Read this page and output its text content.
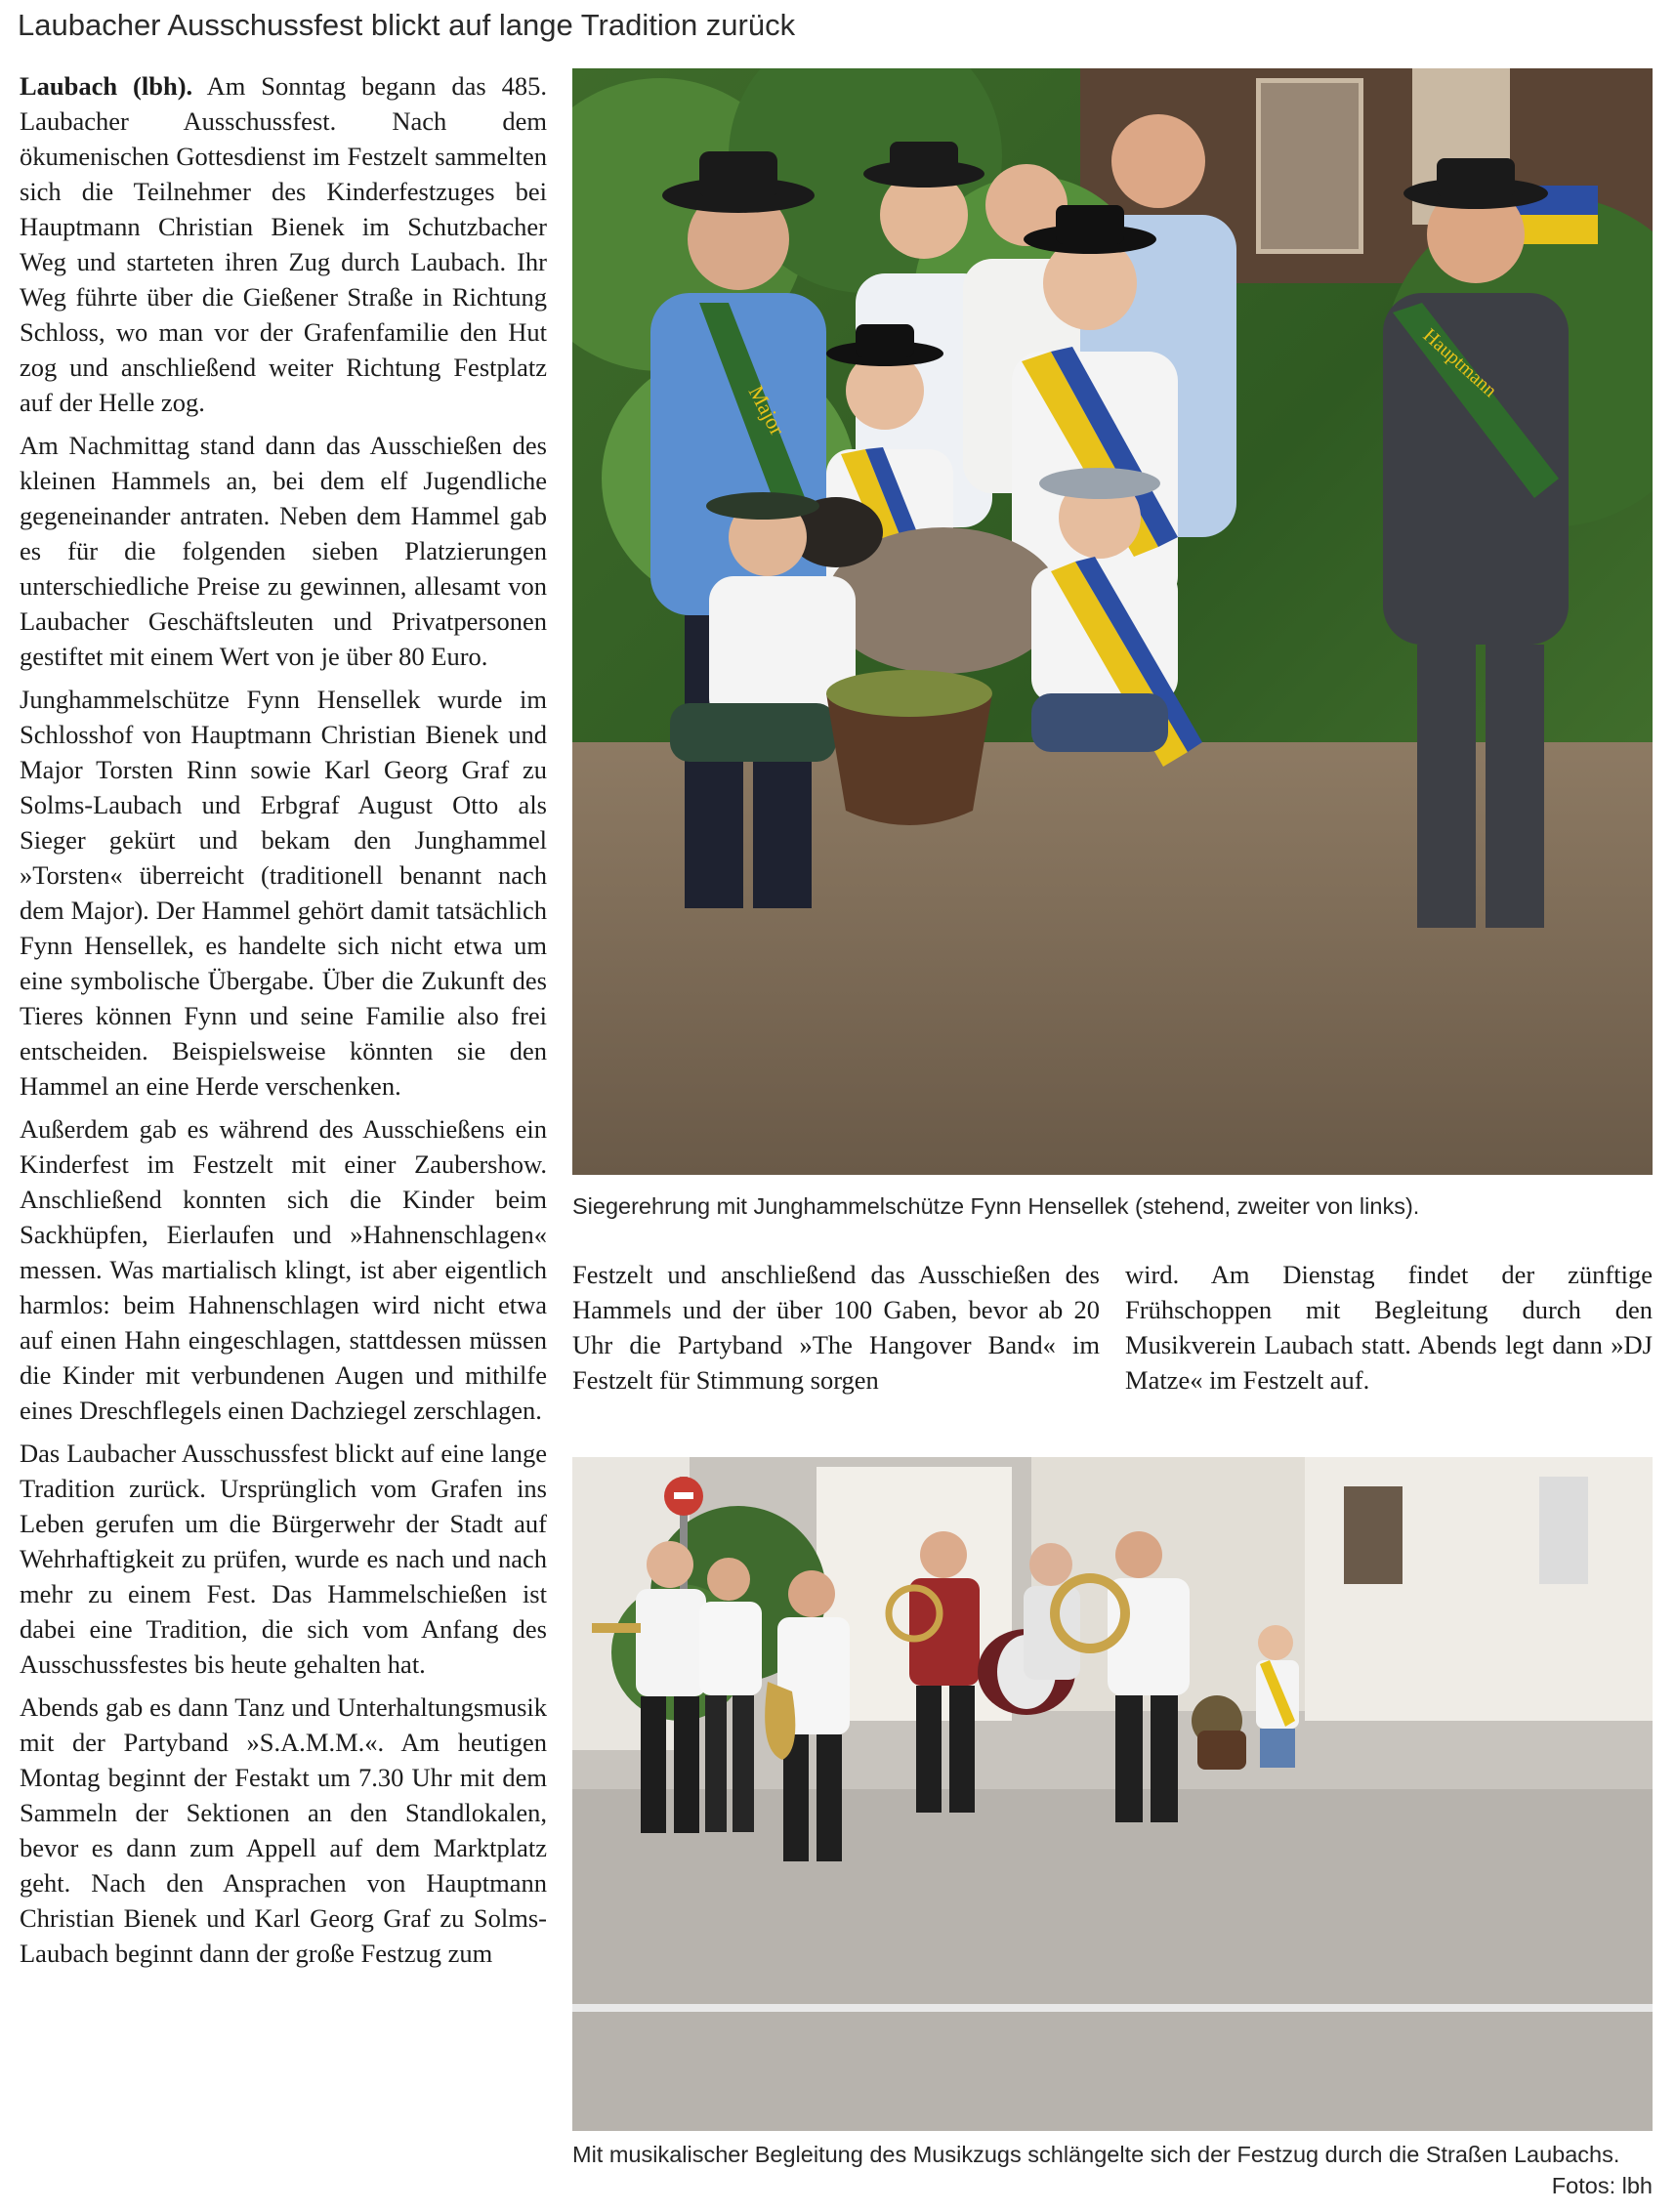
Laubacher Ausschussfest blickt auf lange Tradition zurück

Laubach (lbh). Am Sonntag begann das 485. Laubacher Ausschussfest. Nach dem ökumenischen Gottesdienst im Festzelt sammelten sich die Teilnehmer des Kinderfestzuges bei Hauptmann Christian Bienek im Schutzbacher Weg und starteten ihren Zug durch Laubach. Ihr Weg führte über die Gießener Straße in Richtung Schloss, wo man vor der Grafenfamilie den Hut zog und anschließend weiter Richtung Festplatz auf der Helle zog.

Am Nachmittag stand dann das Ausschießen des kleinen Hammels an, bei dem elf Jugendliche gegeneinander antraten. Neben dem Hammel gab es für die folgenden sieben Platzierungen unterschiedliche Preise zu gewinnen, allesamt von Laubacher Geschäftsleuten und Privatpersonen gestiftet mit einem Wert von je über 80 Euro.

Junghammelschütze Fynn Hensellek wurde im Schlosshof von Hauptmann Christian Bienek und Major Torsten Rinn sowie Karl Georg Graf zu Solms-Laubach und Erbgraf August Otto als Sieger gekürt und bekam den Junghammel »Torsten« überreicht (traditionell benannt nach dem Major). Der Hammel gehört damit tatsächlich Fynn Hensellek, es handelte sich nicht etwa um eine symbolische Übergabe. Über die Zukunft des Tieres können Fynn und seine Familie also frei entscheiden. Beispielsweise könnten sie den Hammel an eine Herde verschenken.

Außerdem gab es während des Ausschießens ein Kinderfest im Festzelt mit einer Zaubershow. Anschließend konnten sich die Kinder beim Sackhüpfen, Eierlaufen und »Hahnenschlagen« messen. Was martialisch klingt, ist aber eigentlich harmlos: beim Hahnenschlagen wird nicht etwa auf einen Hahn eingeschlagen, stattdessen müssen die Kinder mit verbundenen Augen und mithilfe eines Dreschflegels einen Dachziegel zerschlagen.

Das Laubacher Ausschussfest blickt auf eine lange Tradition zurück. Ursprünglich vom Grafen ins Leben gerufen um die Bürgerwehr der Stadt auf Wehrhaftigkeit zu prüfen, wurde es nach und nach mehr zu einem Fest. Das Hammelschießen ist dabei eine Tradition, die sich vom Anfang des Ausschussfestes bis heute gehalten hat.

Abends gab es dann Tanz und Unterhaltungsmusik mit der Partyband »S.A.M.M.«. Am heutigen Montag beginnt der Festakt um 7.30 Uhr mit dem Sammeln der Sektionen an den Standlokalen, bevor es dann zum Appell auf dem Marktplatz geht. Nach den Ansprachen von Hauptmann Christian Bienek und Karl Georg Graf zu Solms-Laubach beginnt dann der große Festzug zum

Major
Hauptmann
Siegerehrung mit Junghammelschütze Fynn Hensellek (stehend, zweiter von links).

Festzelt und anschließend das Ausschießen des Hammels und der über 100 Gaben, bevor ab 20 Uhr die Partyband »The Hangover Band« im Festzelt für Stimmung sorgen

wird. Am Dienstag findet der zünftige Frühschoppen mit Begleitung durch den Musikverein Laubach statt. Abends legt dann »DJ Matze« im Festzelt auf.

Mit musikalischer Begleitung des Musikzugs schlängelte sich der Festzug durch die Straßen Laubachs.
Fotos: lbh
